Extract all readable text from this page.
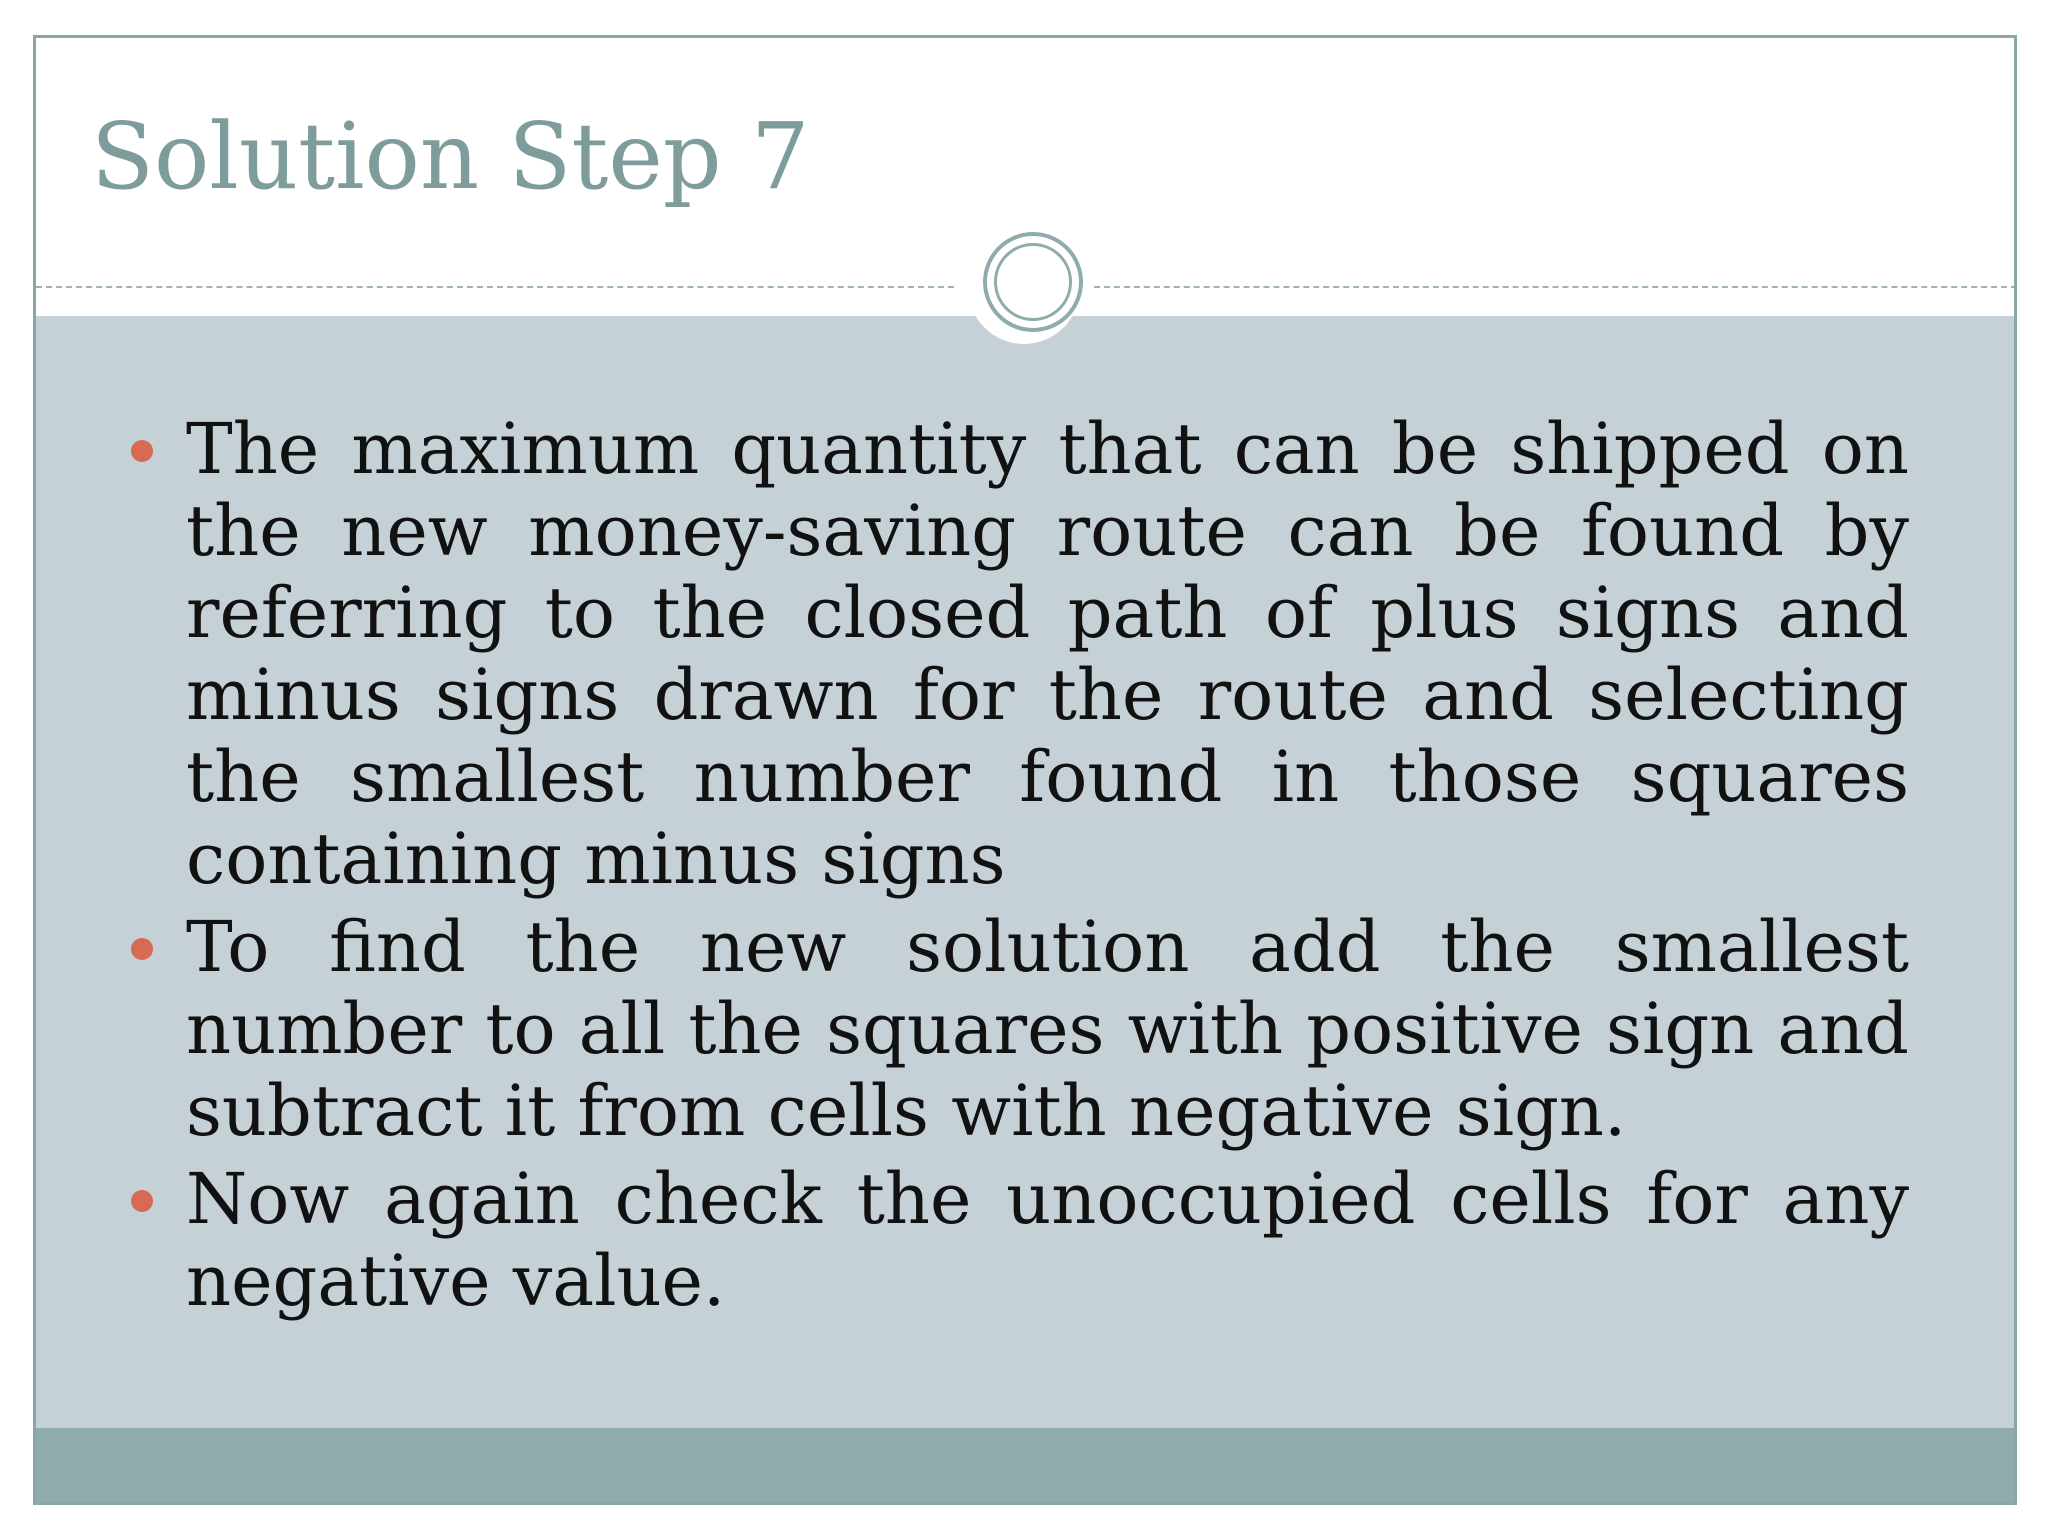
Solution Step 7
The maximum quantity that can be shipped on the new money-saving route can be found by referring to the closed path of plus signs and minus signs drawn for the route and selecting the smallest number found in those squares containing minus signs
To find the new solution add the smallest number to all the squares with positive sign and subtract it from cells with negative sign.
Now again check the unoccupied cells for any negative value.
